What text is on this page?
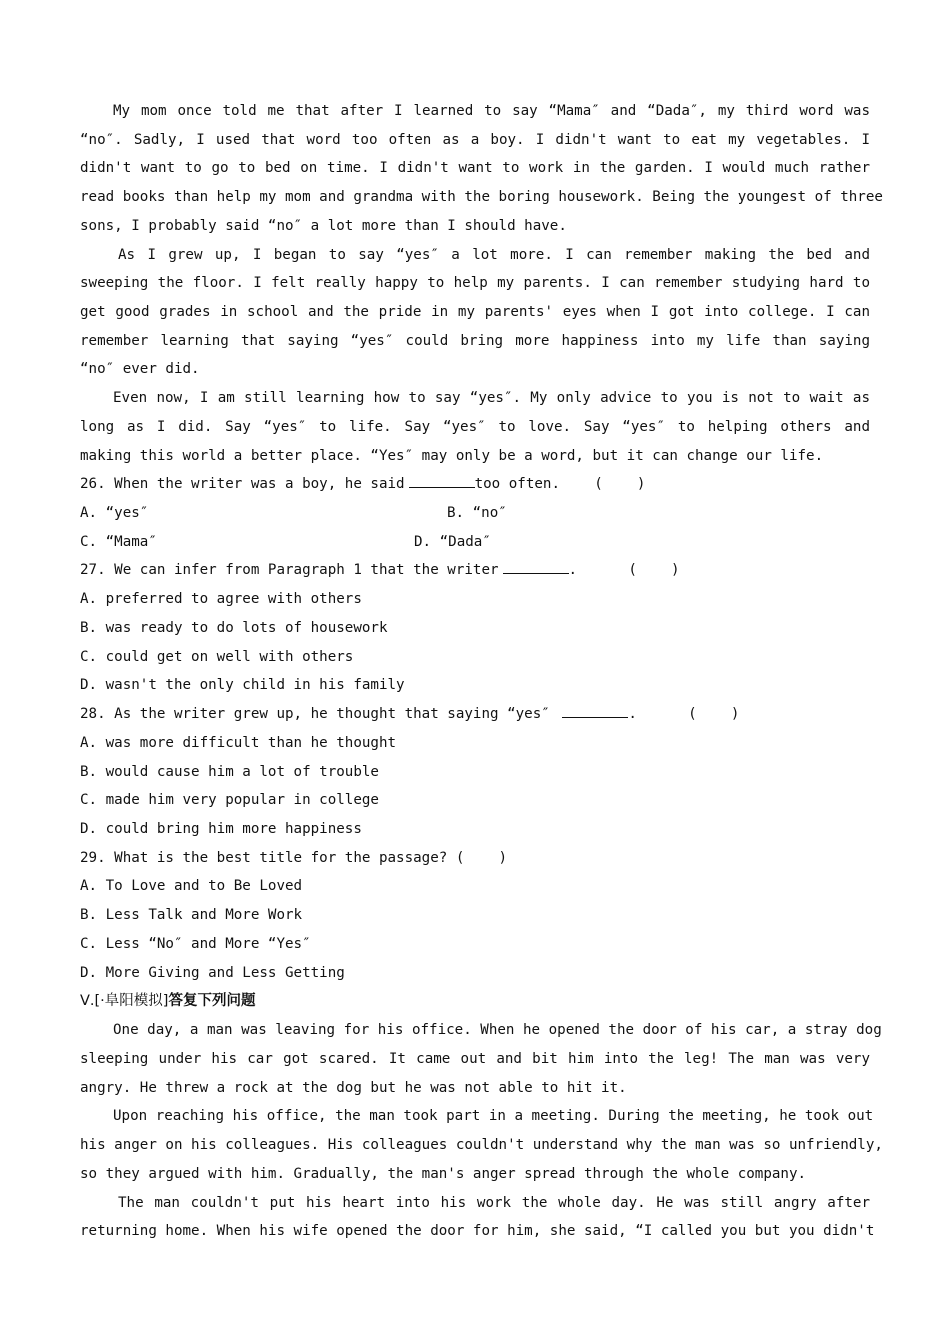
My mom once told me that after I learned to say “Mama″ and “Dada″, my third word was
“no″. Sadly, I used that word too often as a boy. I didn't want to eat my vegetables. I
didn't want to go to bed on time. I didn't want to work in the garden. I would much rather
read books than help my mom and grandma with the boring housework. Being the youngest of three
sons, I probably said “no″ a lot more than I should have.
As I grew up, I began to say “yes″ a lot more. I can remember making the bed and
sweeping the floor. I felt really happy to help my parents. I can remember studying hard to
get good grades in school and the pride in my parents' eyes when I got into college. I can
remember learning that saying “yes″ could bring more happiness into my life than saying
“no″ ever did.
Even now, I am still learning how to say “yes″. My only advice to you is not to wait as
long as I did. Say “yes″ to life. Say “yes″ to love. Say “yes″ to helping others and
making this world a better place. “Yes″ may only be a word, but it can change our life.
26. When the writer was a boy, he said	too often. (    )
A. “yes″	B. “no″
C. “Mama″	D. “Dada″
27. We can infer from Paragraph 1 that the writer	.	(    )
A. preferred to agree with others
B. was ready to do lots of housework
C. could get on well with others
D. wasn't the only child in his family
28. As the writer grew up, he thought that saying “yes″	.	(    )
A. was more difficult than he thought
B. would cause him a lot of trouble
C. made him very popular in college
D. could bring him more happiness
29. What is the best title for the passage? (    )
A. To Love and to Be Loved
B. Less Talk and More Work
C. Less “No″ and More “Yes″
D. More Giving and Less Getting
Ⅴ.[·阜阳模拟]答复下列问题
One day, a man was leaving for his office. When he opened the door of his car, a stray dog
sleeping under his car got scared. It came out and bit him into the leg! The man was very
angry. He threw a rock at the dog but he was not able to hit it.
Upon reaching his office, the man took part in a meeting. During the meeting, he took out
his anger on his colleagues. His colleagues couldn't understand why the man was so unfriendly,
so they argued with him. Gradually, the man's anger spread through the whole company.
The man couldn't put his heart into his work the whole day. He was still angry after
returning home. When his wife opened the door for him, she said, “I called you but you didn't
